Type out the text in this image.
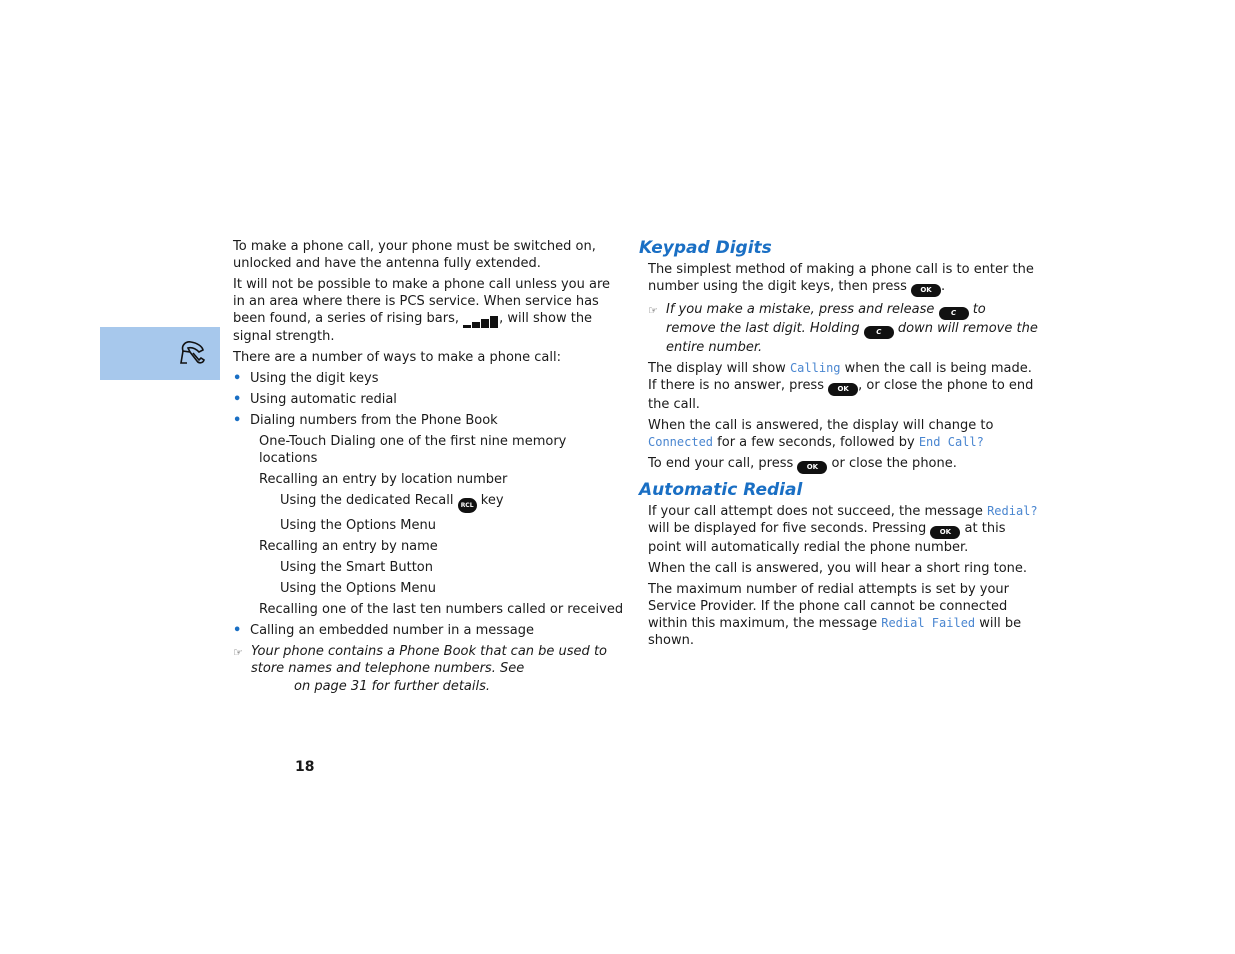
To make a phone call, your phone must be switched on, unlocked and have the antenna fully extended.

It will not be possible to make a phone call unless you are in an area where there is PCS service. When service has been found, a series of rising bars,	, will show the signal strength.

There are a number of ways to make a phone call:

• Using the digit keys
• Using automatic redial
• Dialing numbers from the Phone Book
One-Touch Dialing one of the first nine memory locations
Recalling an entry by location number
Using the dedicated Recall RCL key
Using the Options Menu
Recalling an entry by name
Using the Smart Button
Using the Options Menu
Recalling one of the last ten numbers called or received
• Calling an embedded number in a message
☞ Your phone contains a Phone Book that can be used to store names and telephone numbers. See
on page 31 for further details.
Keypad Digits

The simplest method of making a phone call is to enter the number using the digit keys, then press OK .

☞ If you make a mistake, press and release C to remove the last digit. Holding C down will remove the entire number.

The display will show Calling when the call is being made. If there is no answer, press OK , or close the phone to end the call.

When the call is answered, the display will change to Connected for a few seconds, followed by End Call?

To end your call, press OK or close the phone.

Automatic Redial

If your call attempt does not succeed, the message Redial? will be displayed for five seconds. Pressing OK at this point will automatically redial the phone number.

When the call is answered, you will hear a short ring tone.

The maximum number of redial attempts is set by your Service Provider. If the phone call cannot be connected within this maximum, the message Redial Failed will be shown.

18
